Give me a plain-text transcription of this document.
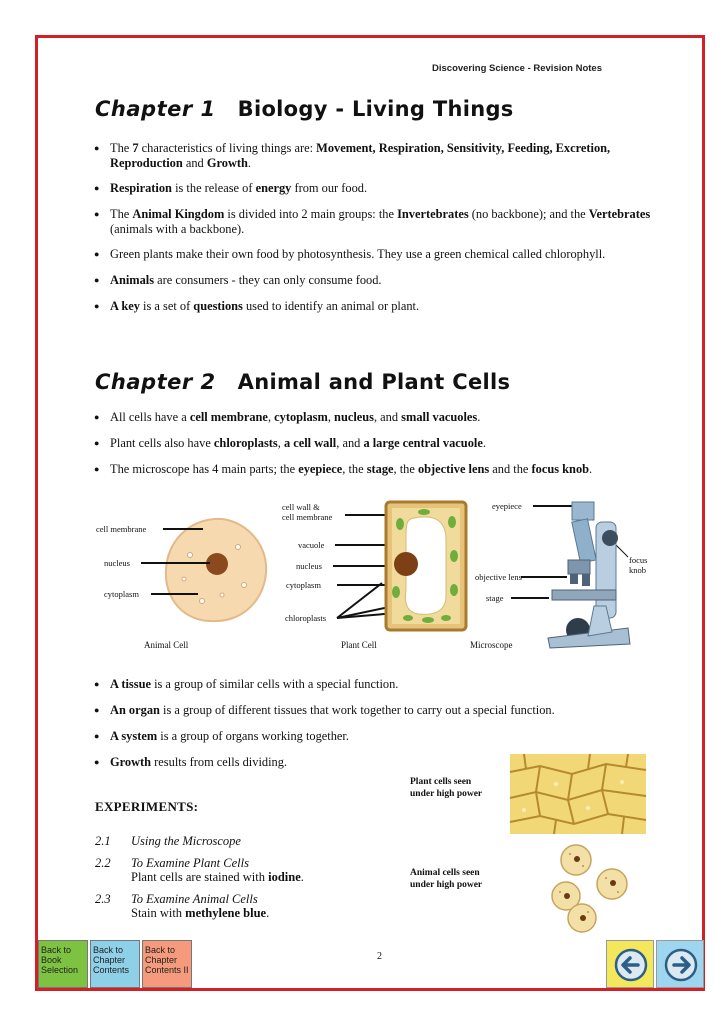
Discovering Science - Revision Notes
Chapter 1 Biology - Living Things
● The 7 characteristics of living things are: Movement, Respiration, Sensitivity, Feeding, Excretion, Reproduction and Growth.
● Respiration is the release of energy from our food.
● The Animal Kingdom is divided into 2 main groups: the Invertebrates (no backbone); and the Vertebrates (animals with a backbone).
● Green plants make their own food by photosynthesis. They use a green chemical called chlorophyll.
● Animals are consumers - they can only consume food.
● A key is a set of questions used to identify an animal or plant.
Chapter 2 Animal and Plant Cells
● All cells have a cell membrane, cytoplasm, nucleus, and small vacuoles.
● Plant cells also have chloroplasts, a cell wall, and a large central vacuole.
● The microscope has 4 main parts; the eyepiece, the stage, the objective lens and the focus knob.
cell membrane
nucleus
cytoplasm
cell wall &
cell membrane
vacuole
nucleus
cytoplasm
chloroplasts
eyepiece
focus
knob
objective lens
stage
Animal Cell	Plant Cell	Microscope
● A tissue is a group of similar cells with a special function.
● An organ is a group of different tissues that work together to carry out a special function.
● A system is a group of organs working together.
● Growth results from cells dividing.
Plant cells seen
under high power
Animal cells seen
under high power
EXPERIMENTS:
2.1 Using the Microscope
2.2 To Examine Plant Cells
Plant cells are stained with iodine.
2.3 To Examine Animal Cells
Stain with methylene blue.
2
Back to Book Selection
Back to Chapter Contents
Back to Chapter Contents II
